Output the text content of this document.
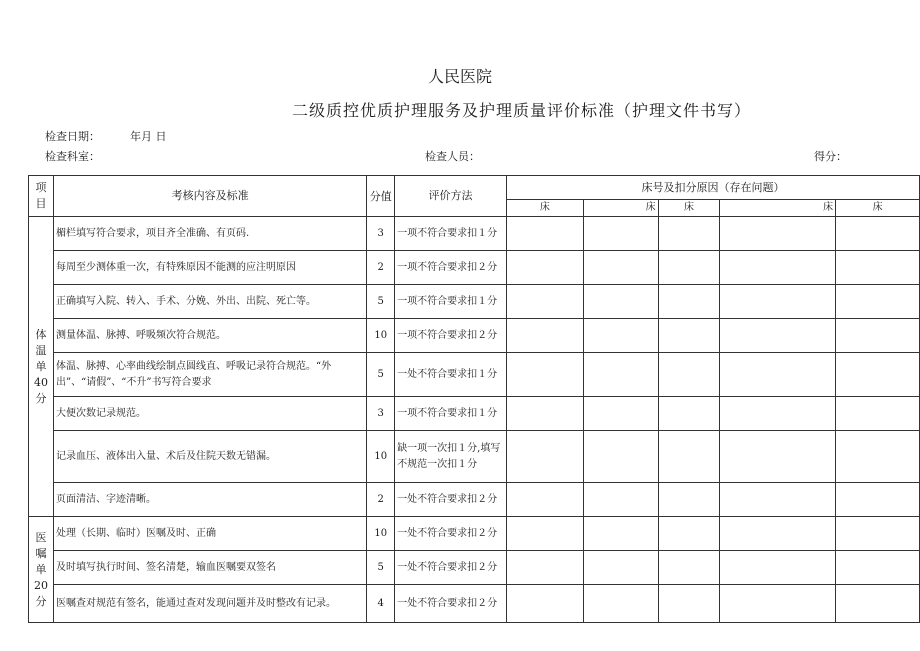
人民医院
二级质控优质护理服务及护理质量评价标准（护理文件书写）
检查日期：	年月 日
检查科室：	检查人员：	得分：
项目	考核内容及标准	分值	评价方法	床号及扣分原因（存在问题）				
				床	床	床	床	床
体温单40分	楣栏填写符合要求，项目齐全准确、有页码.	3	一项不符合要求扣１分					
	每周至少测体重一次，有特殊原因不能测的应注明原因	2	一项不符合要求扣２分					
	正确填写入院、转入、手术、分娩、外出、出院、死亡等。	5	一项不符合要求扣１分					
	测量体温、脉搏、呼吸频次符合规范。	10	一项不符合要求扣２分					
	体温、脉搏、心率曲线绘制点圆线直、呼吸记录符合规范。“外出”、“请假”、“不升”书写符合要求	5	一处不符合要求扣１分					
	大便次数记录规范。	3	一项不符合要求扣１分					
	记录血压、液体出入量、术后及住院天数无错漏。	10	缺一项一次扣１分,填写不规范一次扣１分					
	页面清洁、字迹清晰。	2	一处不符合要求扣２分					
医嘱单20分	处理（长期、临时）医嘱及时、正确	10	一处不符合要求扣２分					
	及时填写执行时间、签名清楚，输血医嘱要双签名	5	一处不符合要求扣２分					
	医嘱查对规范有签名，能通过查对发现问题并及时整改有记录。	4	一处不符合要求扣２分					
